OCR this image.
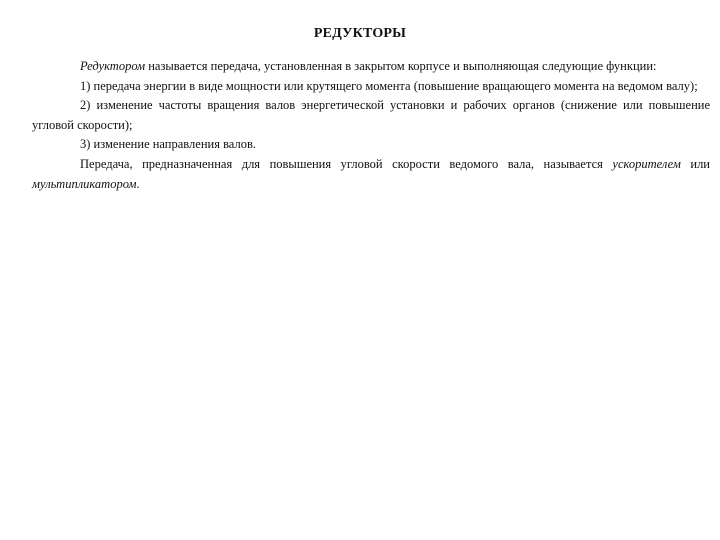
РЕДУКТОРЫ

Редуктором называется передача, установленная в закрытом корпусе и выполняющая следующие функции:

1) передача энергии в виде мощности или крутящего момента (повышение вращающего момента на ведомом валу);

2) изменение частоты вращения валов энергетической установки и рабочих органов (снижение или повышение угловой скорости);

3) изменение направления валов.

Передача, предназначенная для повышения угловой скорости ведомого вала, называется ускорителем или мультипликатором.
